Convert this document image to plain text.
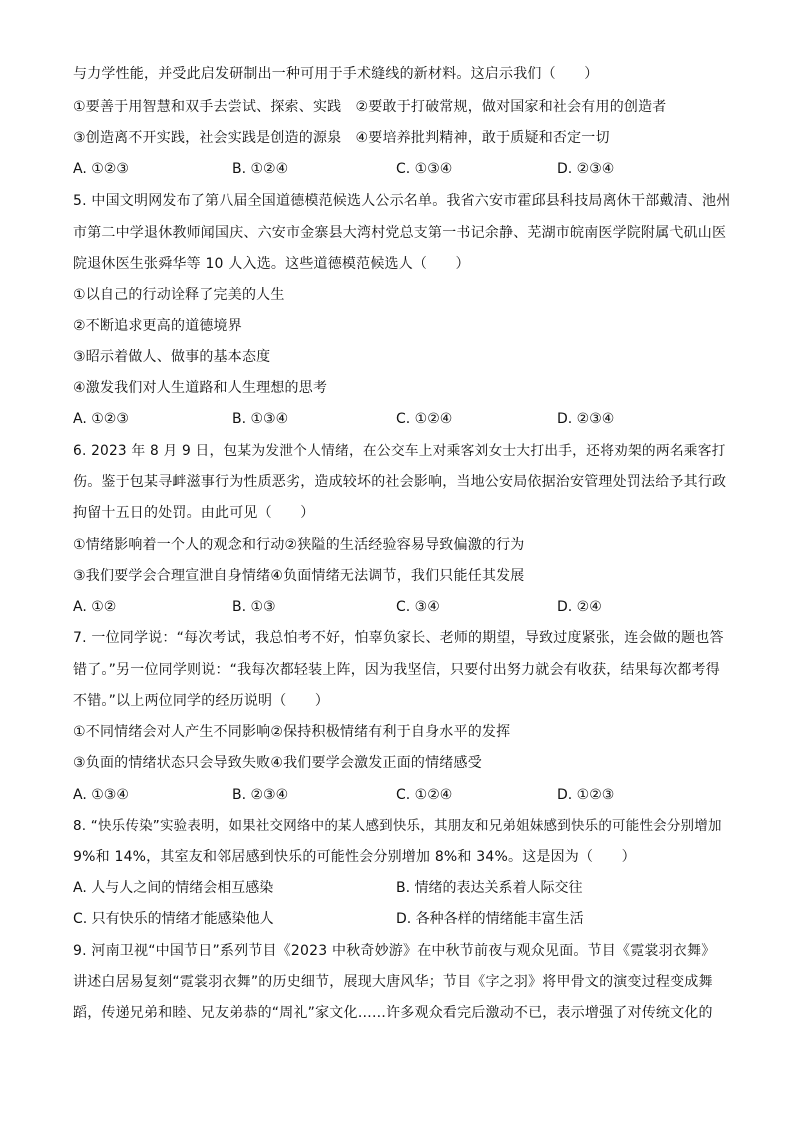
与力学性能，并受此启发研制出一种可用于手术缝线的新材料。这启示我们（　　）
①要善于用智慧和双手去尝试、探索、实践　②要敢于打破常规，做对国家和社会有用的创造者
③创造离不开实践，社会实践是创造的源泉　④要培养批判精神，敢于质疑和否定一切
A. ①②③	B. ①②④	C. ①③④	D. ②③④
5. 中国文明网发布了第八届全国道德模范候选人公示名单。我省六安市霍邱县科技局离休干部戴清、池州
市第二中学退休教师闻国庆、六安市金寨县大湾村党总支第一书记余静、芜湖市皖南医学院附属弋矶山医
院退休医生张舜华等 10 人入选。这些道德模范候选人（　　）
①以自己的行动诠释了完美的人生
②不断追求更高的道德境界
③昭示着做人、做事的基本态度
④激发我们对人生道路和人生理想的思考
A. ①②③	B. ①③④	C. ①②④	D. ②③④
6. 2023 年 8 月 9 日，包某为发泄个人情绪，在公交车上对乘客刘女士大打出手，还将劝架的两名乘客打
伤。鉴于包某寻衅滋事行为性质恶劣，造成较坏的社会影响，当地公安局依据治安管理处罚法给予其行政
拘留十五日的处罚。由此可见（　　）
①情绪影响着一个人的观念和行动②狭隘的生活经验容易导致偏激的行为
③我们要学会合理宣泄自身情绪④负面情绪无法调节，我们只能任其发展
A. ①②	B. ①③	C. ③④	D. ②④
7. 一位同学说：“每次考试，我总怕考不好，怕辜负家长、老师的期望，导致过度紧张，连会做的题也答
错了。”另一位同学则说：“我每次都轻装上阵，因为我坚信，只要付出努力就会有收获，结果每次都考得
不错。”以上两位同学的经历说明（　　）
①不同情绪会对人产生不同影响②保持积极情绪有利于自身水平的发挥
③负面的情绪状态只会导致失败④我们要学会激发正面的情绪感受
A. ①③④	B. ②③④	C. ①②④	D. ①②③
8. “快乐传染”实验表明，如果社交网络中的某人感到快乐，其朋友和兄弟姐妹感到快乐的可能性会分别增加
9%和 14%，其室友和邻居感到快乐的可能性会分别增加 8%和 34%。这是因为（　　）
A. 人与人之间的情绪会相互感染	B. 情绪的表达关系着人际交往
C. 只有快乐的情绪才能感染他人	D. 各种各样的情绪能丰富生活
9. 河南卫视“中国节日”系列节目《2023 中秋奇妙游》在中秋节前夜与观众见面。节目《霓裳羽衣舞》
讲述白居易复刻“霓裳羽衣舞”的历史细节，展现大唐风华；节目《字之羽》将甲骨文的演变过程变成舞
蹈，传递兄弟和睦、兄友弟恭的“周礼”家文化……许多观众看完后激动不已，表示增强了对传统文化的
